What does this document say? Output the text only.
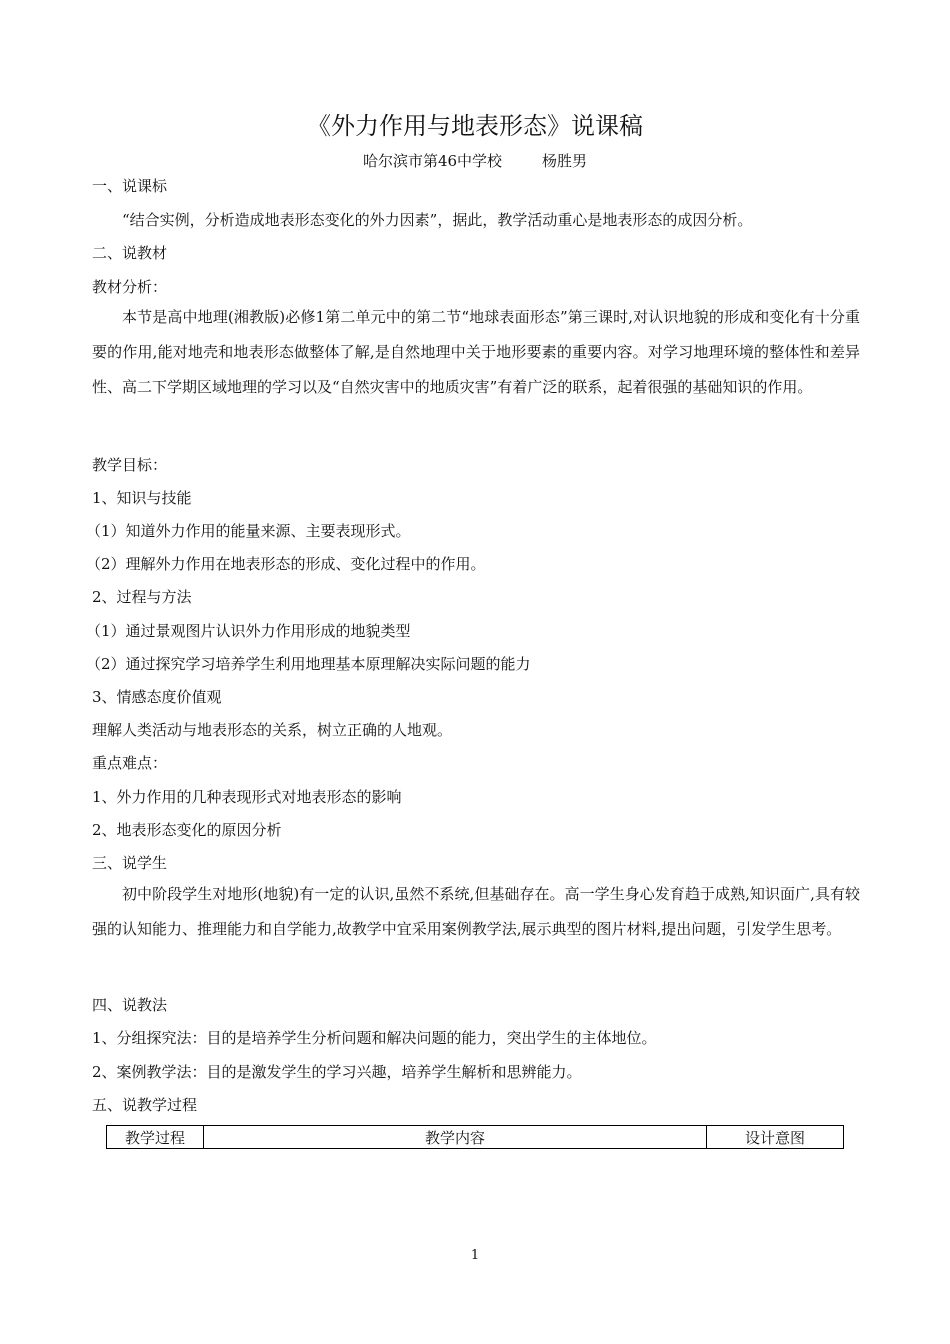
《外力作用与地表形态》说课稿
哈尔滨市第46中学校	杨胜男
一、说课标
“结合实例，分析造成地表形态变化的外力因素”，据此，教学活动重心是地表形态的成因分析。
二、说教材
教材分析：

本节是高中地理(湘教版)必修1第二单元中的第二节“地球表面形态”第三课时,对认识地貌的形成和变化有十分重要的作用,能对地壳和地表形态做整体了解,是自然地理中关于地形要素的重要内容。对学习地理环境的整体性和差异性、高二下学期区域地理的学习以及“自然灾害中的地质灾害”有着广泛的联系，起着很强的基础知识的作用。

教学目标：
1、知识与技能
（1）知道外力作用的能量来源、主要表现形式。
（2）理解外力作用在地表形态的形成、变化过程中的作用。
2、过程与方法
（1）通过景观图片认识外力作用形成的地貌类型
（2）通过探究学习培养学生利用地理基本原理解决实际问题的能力
3、情感态度价值观
理解人类活动与地表形态的关系，树立正确的人地观。
重点难点：
1、外力作用的几种表现形式对地表形态的影响
2、地表形态变化的原因分析
三、说学生

初中阶段学生对地形(地貌)有一定的认识,虽然不系统,但基础存在。高一学生身心发育趋于成熟,知识面广,具有较强的认知能力、推理能力和自学能力,故教学中宜采用案例教学法,展示典型的图片材料,提出问题，引发学生思考。

四、说教法
1、分组探究法：目的是培养学生分析问题和解决问题的能力，突出学生的主体地位。
2、案例教学法：目的是激发学生的学习兴趣，培养学生解析和思辨能力。
五、说教学过程
教学过程	教学内容	设计意图
1
